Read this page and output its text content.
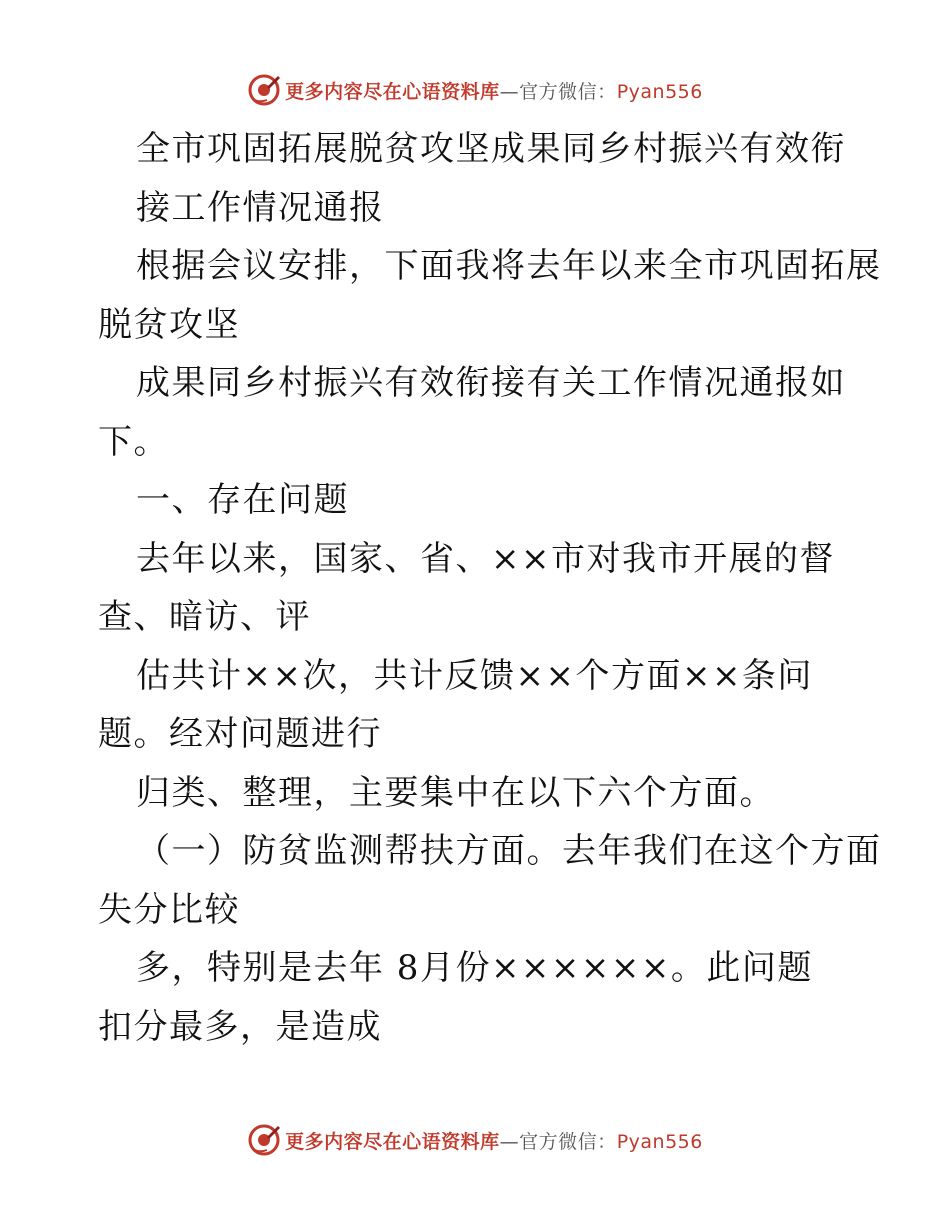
更多内容尽在心语资料库—官方微信：Pyan556
全市巩固拓展脱贫攻坚成果同乡村振兴有效衔
接工作情况通报
根据会议安排，下面我将去年以来全市巩固拓展
脱贫攻坚
成果同乡村振兴有效衔接有关工作情况通报如
下。
一、存在问题
去年以来，国家、省、××市对我市开展的督
查、暗访、评
估共计××次，共计反馈××个方面××条问
题。经对问题进行
归类、整理，主要集中在以下六个方面。
（一）防贫监测帮扶方面。去年我们在这个方面
失分比较
多，特别是去年 8月份××××××。此问题
扣分最多，是造成
更多内容尽在心语资料库—官方微信：Pyan556
